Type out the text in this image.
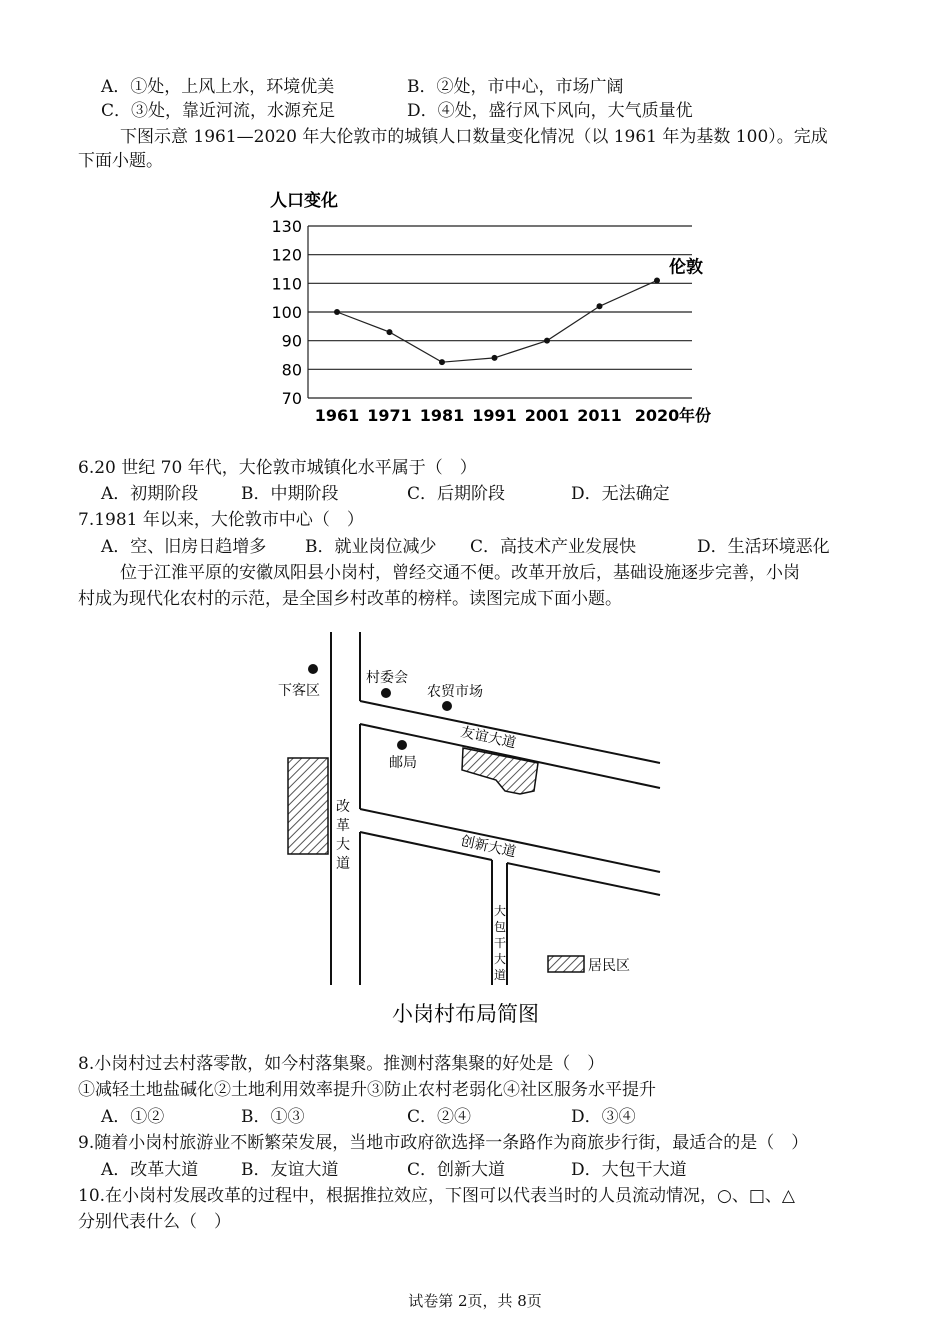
A．①处，上风上水，环境优美	B．②处，市中心，市场广阔
C．③处，靠近河流，水源充足	D．④处，盛行风下风向，大气质量优
下图示意 1961—2020 年大伦敦市的城镇人口数量变化情况（以 1961 年为基数 100）。完成
下面小题。
人口变化
130
120
110
100
90
80
70
1961 1971 1981 1991 2001 2011 2020
伦敦
年份
6.20 世纪 70 年代，大伦敦市城镇化水平属于（　）
A．初期阶段	B．中期阶段	C．后期阶段	D．无法确定
7.1981 年以来，大伦敦市中心（　）
A．空、旧房日趋增多 B．就业岗位减少 C．高技术产业发展快	D．生活环境恶化
位于江淮平原的安徽凤阳县小岗村，曾经交通不便。改革开放后，基础设施逐步完善，小岗
村成为现代化农村的示范，是全国乡村改革的榜样。读图完成下面小题。
下客区
村委会
农贸市场
邮局
友谊大道
创新大道
改
革
大
道
大
包
干
大
道
居民区
小岗村布局简图
8.小岗村过去村落零散，如今村落集聚。推测村落集聚的好处是（　）
①减轻土地盐碱化②土地利用效率提升③防止农村老弱化④社区服务水平提升
A．①②	B．①③	C．②④	D．③④
9.随着小岗村旅游业不断繁荣发展，当地市政府欲选择一条路作为商旅步行街，最适合的是（　）
A．改革大道	B．友谊大道	C．创新大道	D．大包干大道
10.在小岗村发展改革的过程中，根据推拉效应，下图可以代表当时的人员流动情况，○、□、△
分别代表什么（　）
试卷第 2页，共 8页
